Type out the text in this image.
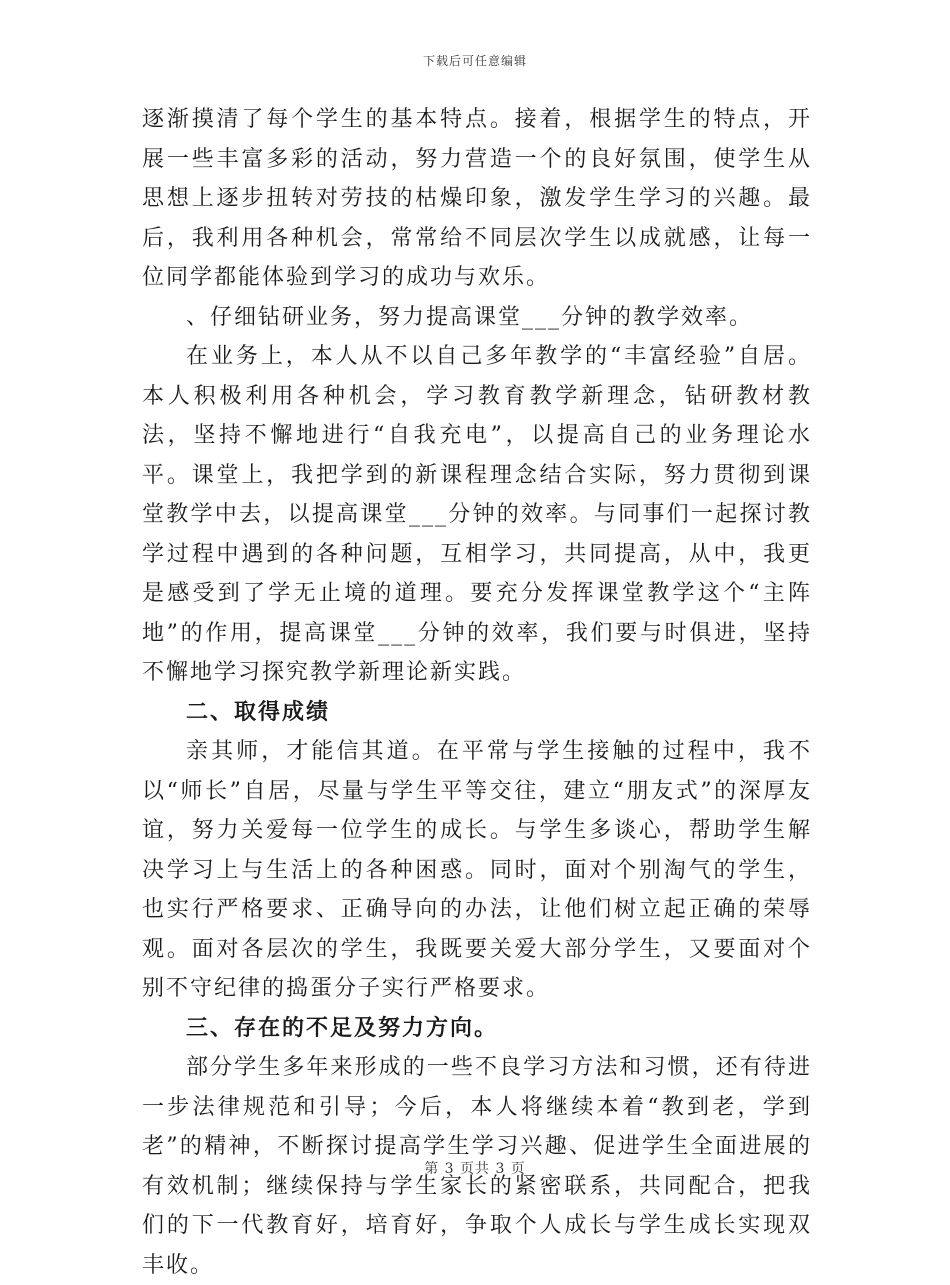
下载后可任意编辑

逐渐摸清了每个学生的基本特点。接着，根据学生的特点，开展一些丰富多彩的活动，努力营造一个的良好氛围，使学生从思想上逐步扭转对劳技的枯燥印象，激发学生学习的兴趣。最后，我利用各种机会，常常给不同层次学生以成就感，让每一位同学都能体验到学习的成功与欢乐。

、仔细钻研业务，努力提高课堂___分钟的教学效率。

在业务上，本人从不以自己多年教学的“丰富经验”自居。本人积极利用各种机会，学习教育教学新理念，钻研教材教法，坚持不懈地进行“自我充电”，以提高自己的业务理论水平。课堂上，我把学到的新课程理念结合实际，努力贯彻到课堂教学中去，以提高课堂___分钟的效率。与同事们一起探讨教学过程中遇到的各种问题，互相学习，共同提高，从中，我更是感受到了学无止境的道理。要充分发挥课堂教学这个“主阵地”的作用，提高课堂___分钟的效率，我们要与时俱进，坚持不懈地学习探究教学新理论新实践。

二、取得成绩

亲其师，才能信其道。在平常与学生接触的过程中，我不以“师长”自居，尽量与学生平等交往，建立“朋友式”的深厚友谊，努力关爱每一位学生的成长。与学生多谈心，帮助学生解决学习上与生活上的各种困惑。同时，面对个别淘气的学生，也实行严格要求、正确导向的办法，让他们树立起正确的荣辱观。面对各层次的学生，我既要关爱大部分学生，又要面对个别不守纪律的捣蛋分子实行严格要求。

三、存在的不足及努力方向。

部分学生多年来形成的一些不良学习方法和习惯，还有待进一步法律规范和引导；今后，本人将继续本着“教到老，学到老”的精神，不断探讨提高学生学习兴趣、促进学生全面进展的有效机制；继续保持与学生家长的紧密联系，共同配合，把我们的下一代教育好，培育好，争取个人成长与学生成长实现双丰收。

第 3 页共 3 页
